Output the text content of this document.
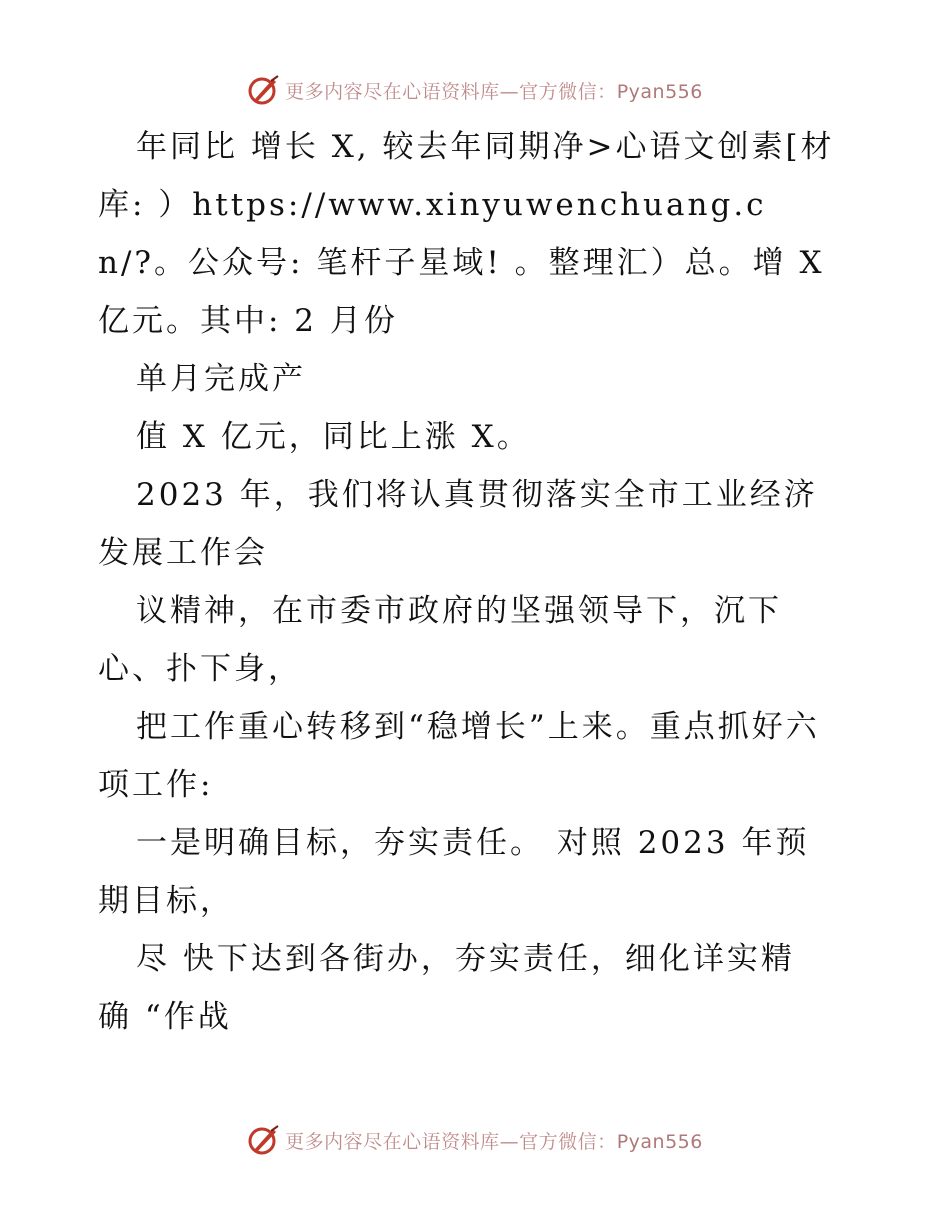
更多内容尽在心语资料库—官方微信：Pyan556

年同比 增长 X, 较去年同期净>心语文创素[材库: ）https://www.xinyuwenchuang.cn/?。公众号: 笔杆子星域! 。整理汇）总。增 X 亿元。其中: 2 月份

单月完成产

值 X 亿元，同比上涨 X。

2023 年，我们将认真贯彻落实全市工业经济发展工作会

议精神，在市委市政府的坚强领导下，沉下心、扑下身，

把工作重心转移到“稳增长”上来。重点抓好六项工作:

一是明确目标，夯实责任。 对照 2023 年预期目标，

尽 快下达到各街办，夯实责任，细化详实精

确 “作战

更多内容尽在心语资料库—官方微信：Pyan556
